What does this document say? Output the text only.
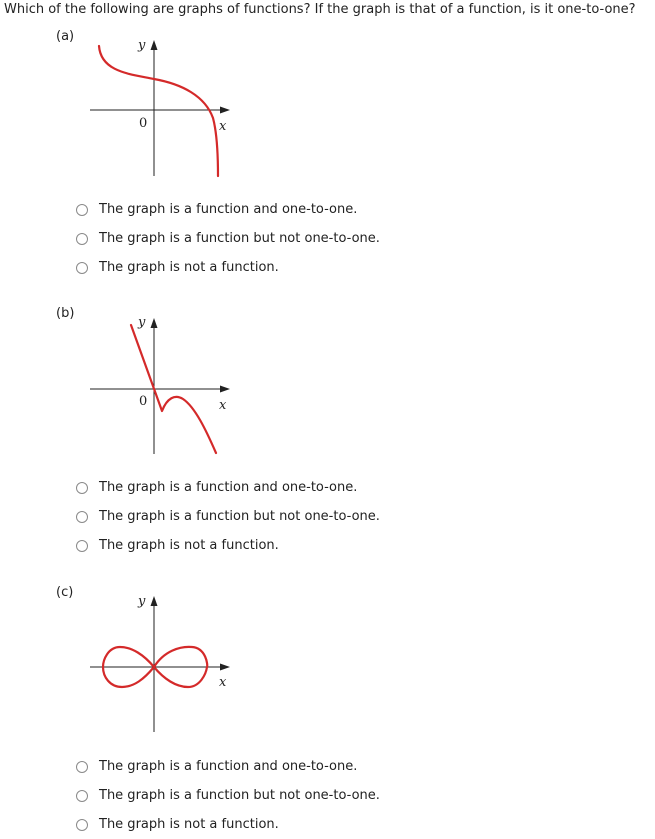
Which of the following are graphs of functions? If the graph is that of a function, is it one-to-one?
(a)
y
x
0
The graph is a function and one-to-one.
The graph is a function but not one-to-one.
The graph is not a function.
(b)
y
x
0
The graph is a function and one-to-one.
The graph is a function but not one-to-one.
The graph is not a function.
(c)
y
x
The graph is a function and one-to-one.
The graph is a function but not one-to-one.
The graph is not a function.
